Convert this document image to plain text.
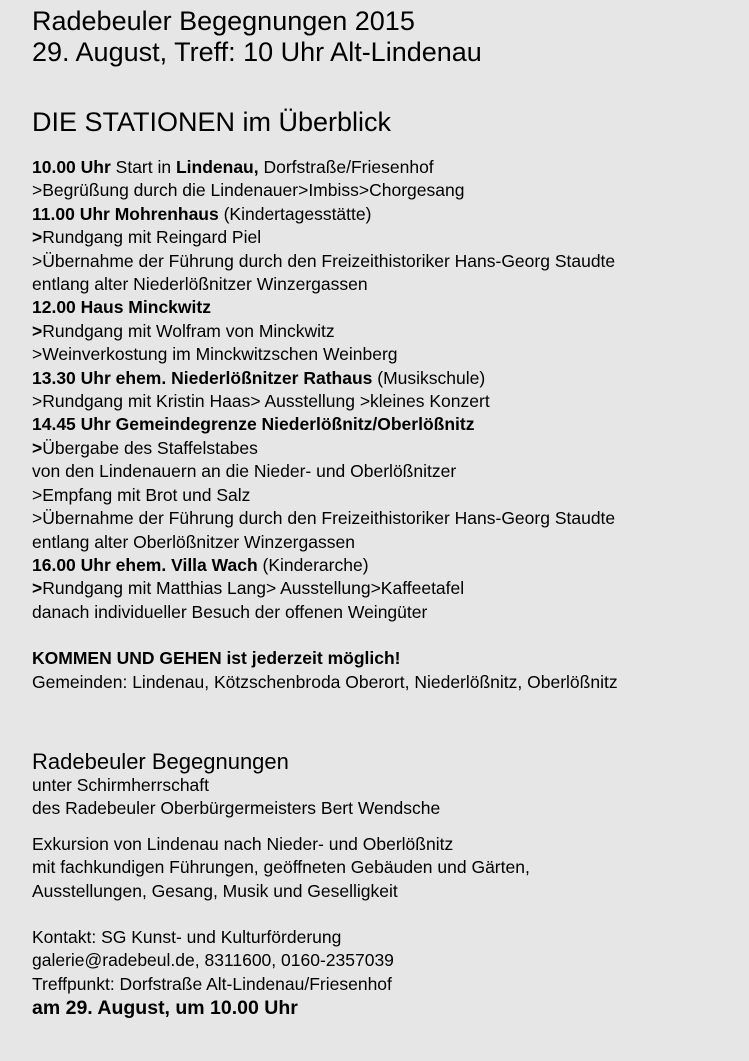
Radebeuler Begegnungen 2015
29. August, Treff: 10 Uhr Alt-Lindenau
DIE STATIONEN im Überblick
10.00 Uhr Start in Lindenau, Dorfstraße/Friesenhof
>Begrüßung durch die Lindenauer>Imbiss>Chorgesang
11.00 Uhr Mohrenhaus (Kindertagesstätte)
>Rundgang mit Reingard Piel
>Übernahme der Führung durch den Freizeithistoriker Hans-Georg Staudte
entlang alter Niederlößnitzer Winzergassen
12.00 Haus Minckwitz
>Rundgang mit Wolfram von Minckwitz
>Weinverkostung im Minckwitzschen Weinberg
13.30 Uhr ehem. Niederlößnitzer Rathaus (Musikschule)
>Rundgang mit Kristin Haas> Ausstellung >kleines Konzert
14.45 Uhr Gemeindegrenze Niederlößnitz/Oberlößnitz
>Übergabe des Staffelstabes
von den Lindenauern an die Nieder- und Oberlößnitzer
>Empfang mit Brot und Salz
>Übernahme der Führung durch den Freizeithistoriker Hans-Georg Staudte
entlang alter Oberlößnitzer Winzergassen
16.00 Uhr ehem. Villa Wach (Kinderarche)
>Rundgang mit Matthias Lang> Ausstellung>Kaffeetafel
danach individueller Besuch der offenen Weingüter
KOMMEN UND GEHEN ist jederzeit möglich!
Gemeinden: Lindenau, Kötzschenbroda Oberort, Niederlößnitz, Oberlößnitz
Radebeuler Begegnungen
unter Schirmherrschaft
des Radebeuler Oberbürgermeisters Bert Wendsche
Exkursion von Lindenau nach Nieder- und Oberlößnitz
mit fachkundigen Führungen, geöffneten Gebäuden und Gärten,
Ausstellungen, Gesang, Musik und Geselligkeit
Kontakt: SG Kunst- und Kulturförderung
galerie@radebeul.de, 8311600, 0160-2357039
Treffpunkt: Dorfstraße Alt-Lindenau/Friesenhof
am 29. August, um 10.00 Uhr
